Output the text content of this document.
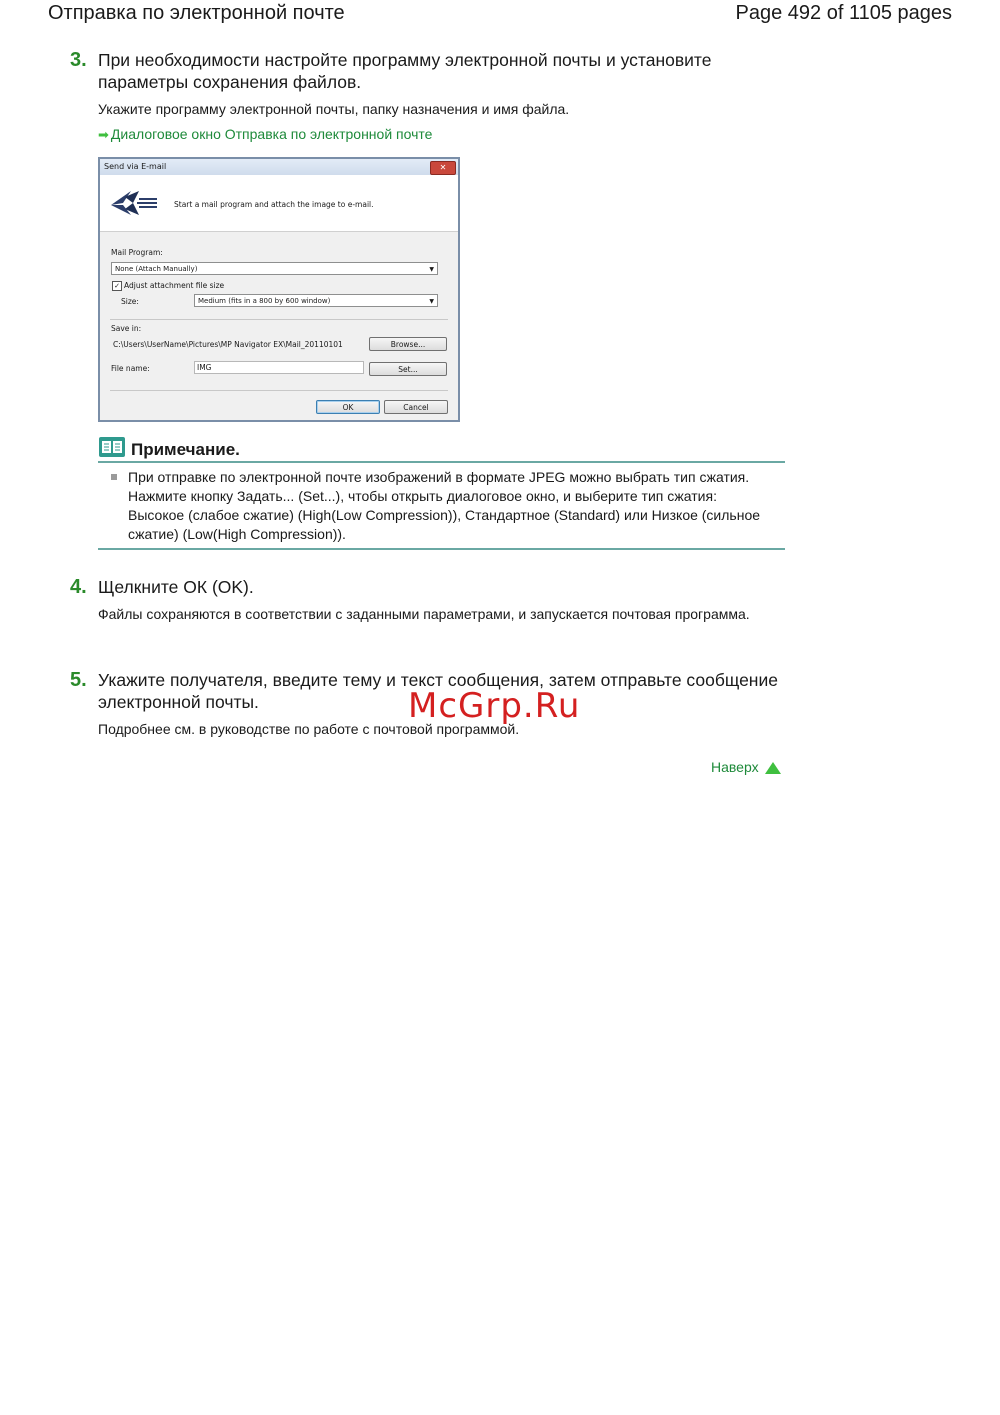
Отправка по электронной почте	Page 492 of 1105 pages
3. При необходимости настройте программу электронной почты и установите параметры сохранения файлов.
Укажите программу электронной почты, папку назначения и имя файла.
➡ Диалоговое окно Отправка по электронной почте
Send via E-mail	✕
Start a mail program and attach the image to e-mail.
Mail Program:
None (Attach Manually)	▼
✓ Adjust attachment file size
Size:	Medium (fits in a 800 by 600 window)	▼
Save in:
C:\Users\UserName\Pictures\MP Navigator EX\Mail_20110101	Browse...
File name:	IMG	Set...
OK	Cancel
Примечание.
При отправке по электронной почте изображений в формате JPEG можно выбрать тип сжатия. Нажмите кнопку Задать... (Set...), чтобы открыть диалоговое окно, и выберите тип сжатия: Высокое (слабое сжатие) (High(Low Compression)), Стандартное (Standard) или Низкое (сильное сжатие) (Low(High Compression)).
4. Щелкните ОК (OK).
Файлы сохраняются в соответствии с заданными параметрами, и запускается почтовая программа.
5. Укажите получателя, введите тему и текст сообщения, затем отправьте сообщение электронной почты.
Подробнее см. в руководстве по работе с почтовой программой.
McGrp.Ru
Наверх
